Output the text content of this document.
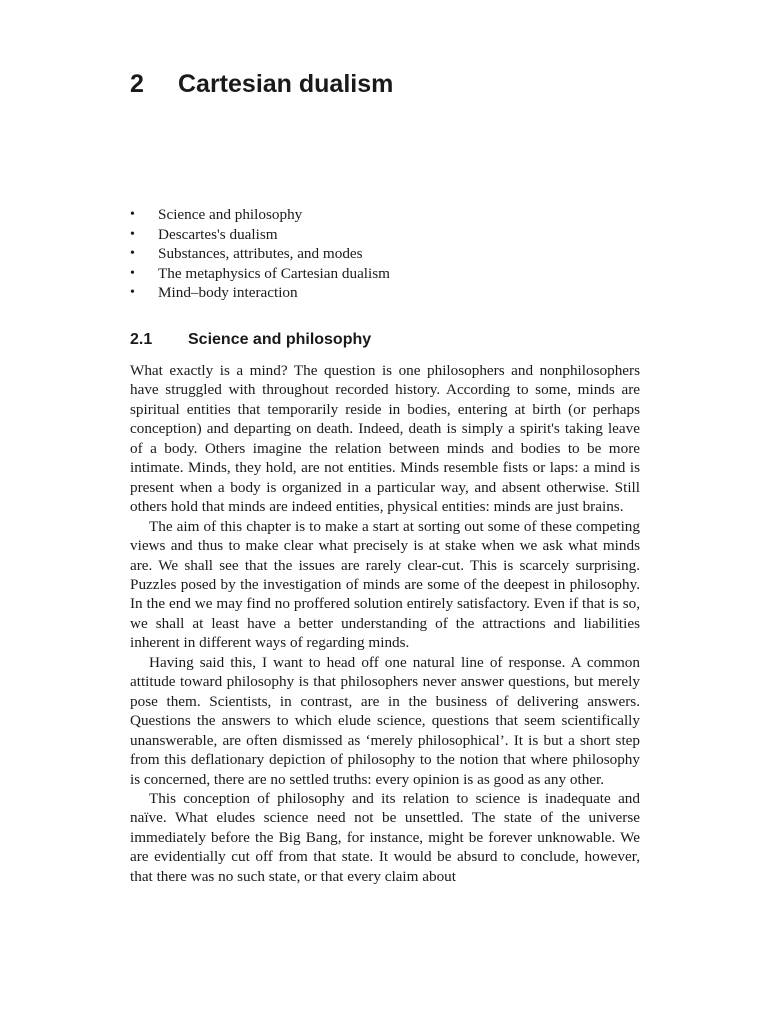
2 Cartesian dualism
• Science and philosophy
• Descartes's dualism
• Substances, attributes, and modes
• The metaphysics of Cartesian dualism
• Mind–body interaction
2.1 Science and philosophy

What exactly is a mind? The question is one philosophers and nonphilosophers have struggled with throughout recorded history. According to some, minds are spiritual entities that temporarily reside in bodies, entering at birth (or perhaps conception) and departing on death. Indeed, death is simply a spirit's taking leave of a body. Others imagine the relation between minds and bodies to be more intimate. Minds, they hold, are not entities. Minds resemble fists or laps: a mind is present when a body is organized in a particular way, and absent otherwise. Still others hold that minds are indeed entities, physical entities: minds are just brains.

The aim of this chapter is to make a start at sorting out some of these competing views and thus to make clear what precisely is at stake when we ask what minds are. We shall see that the issues are rarely clear-cut. This is scarcely surprising. Puzzles posed by the investigation of minds are some of the deepest in philosophy. In the end we may find no proffered solution entirely satisfactory. Even if that is so, we shall at least have a better understanding of the attractions and liabilities inherent in different ways of regarding minds.

Having said this, I want to head off one natural line of response. A common attitude toward philosophy is that philosophers never answer questions, but merely pose them. Scientists, in contrast, are in the business of delivering answers. Questions the answers to which elude science, questions that seem scientifically unanswerable, are often dismissed as ‘merely philosophical’. It is but a short step from this deflationary depiction of philosophy to the notion that where philosophy is concerned, there are no settled truths: every opinion is as good as any other.

This conception of philosophy and its relation to science is inadequate and naïve. What eludes science need not be unsettled. The state of the universe immediately before the Big Bang, for instance, might be forever unknowable. We are evidentially cut off from that state. It would be absurd to conclude, however, that there was no such state, or that every claim about
